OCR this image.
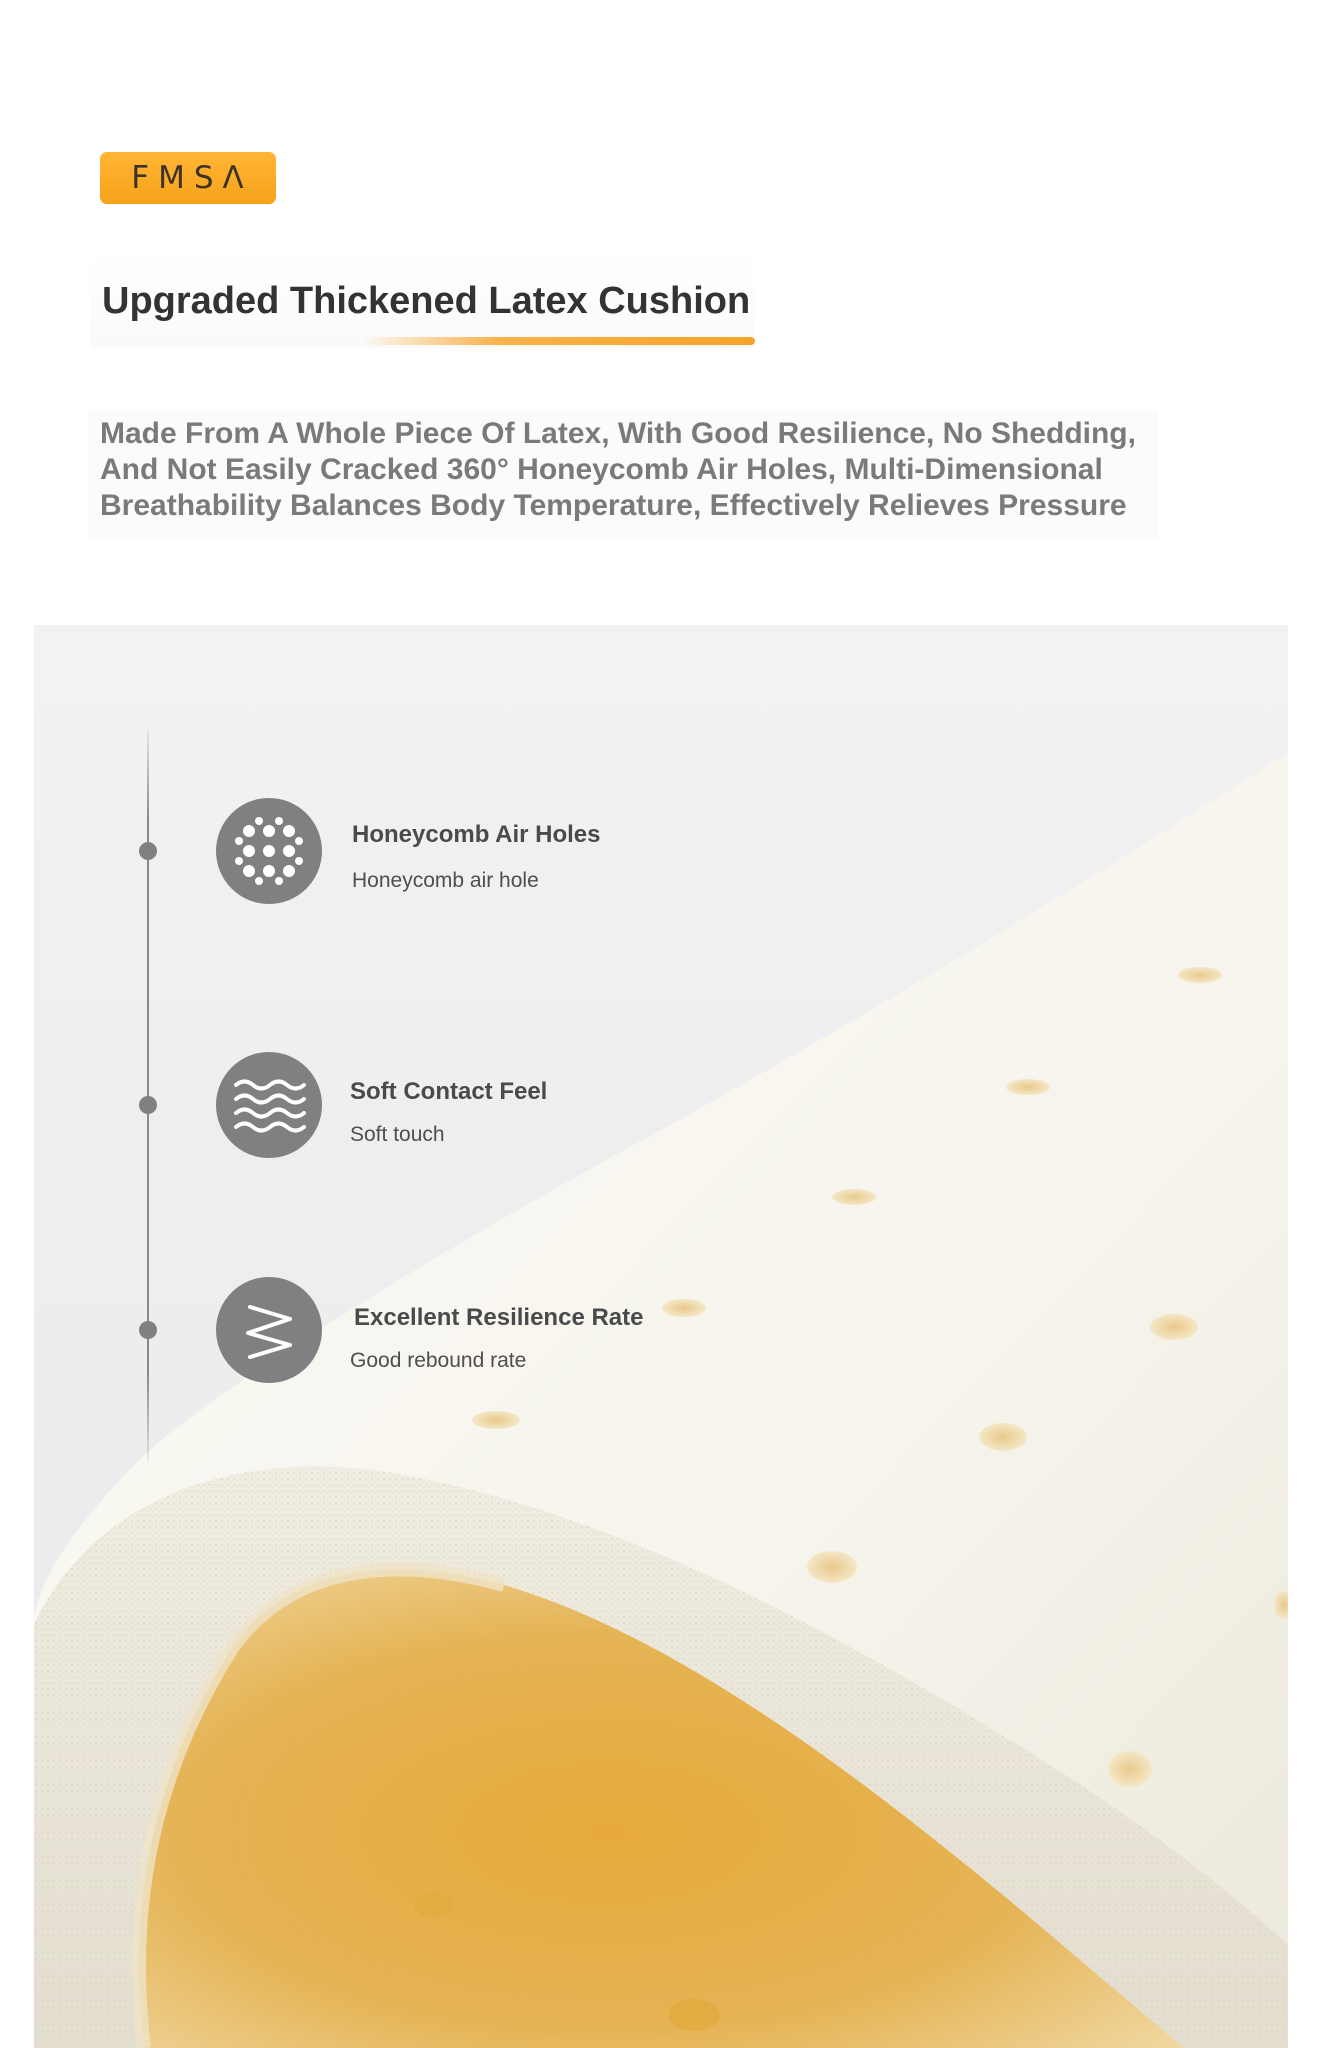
FMSΛ
Upgraded Thickened Latex Cushion

Made From A Whole Piece Of Latex, With Good Resilience, No Shedding, And Not Easily Cracked 360° Honeycomb Air Holes, Multi-Dimensional Breathability Balances Body Temperature, Effectively Relieves Pressure

Honeycomb Air Holes
Honeycomb air hole
Soft Contact Feel
Soft touch
Excellent Resilience Rate
Good rebound rate
